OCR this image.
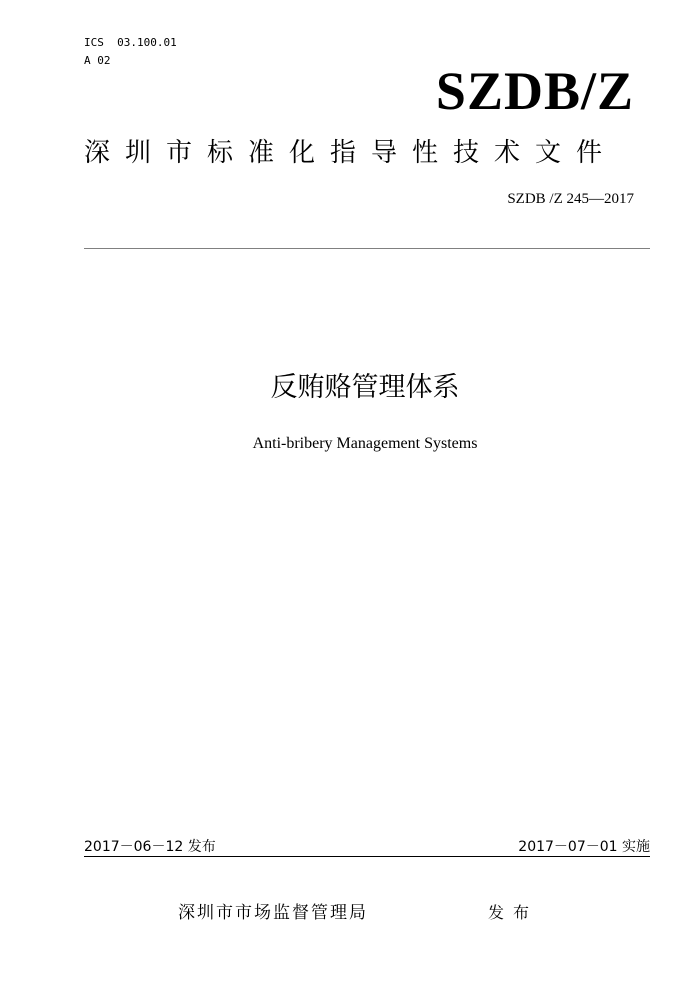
ICS  03.100.01
A 02
SZDB/Z
深圳市标准化指导性技术文件
SZDB /Z 245—2017
反贿赂管理体系
Anti-bribery Management Systems
2017－06－12 发布	2017－07－01 实施
深圳市市场监督管理局	发布
